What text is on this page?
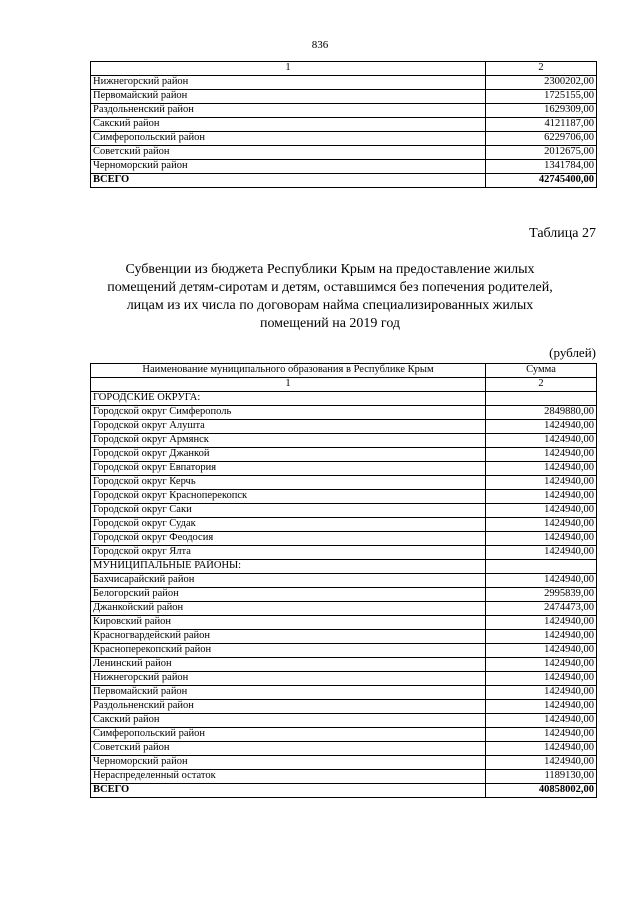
836
1	2
Нижнегорский район	2300202,00
Первомайский район	1725155,00
Раздольненский район	1629309,00
Сакский район	4121187,00
Симферопольский район	6229706,00
Советский район	2012675,00
Черноморский район	1341784,00
ВСЕГО	42745400,00
Таблица 27
Субвенции из бюджета Республики Крым на предоставление жилых помещений детям-сиротам и детям, оставшимся без попечения родителей, лицам из их числа по договорам найма специализированных жилых помещений на 2019 год
(рублей)
Наименование муниципального образования в Республике Крым	Сумма
1	2
ГОРОДСКИЕ ОКРУГА:	
Городской округ Симферополь	2849880,00
Городской округ Алушта	1424940,00
Городской округ Армянск	1424940,00
Городской округ Джанкой	1424940,00
Городской округ Евпатория	1424940,00
Городской округ Керчь	1424940,00
Городской округ Красноперекопск	1424940,00
Городской округ Саки	1424940,00
Городской округ Судак	1424940,00
Городской округ Феодосия	1424940,00
Городской округ Ялта	1424940,00
МУНИЦИПАЛЬНЫЕ РАЙОНЫ:	
Бахчисарайский район	1424940,00
Белогорский район	2995839,00
Джанкойский район	2474473,00
Кировский район	1424940,00
Красногвардейский район	1424940,00
Красноперекопский район	1424940,00
Ленинский район	1424940,00
Нижнегорский район	1424940,00
Первомайский район	1424940,00
Раздольненский район	1424940,00
Сакский район	1424940,00
Симферопольский район	1424940,00
Советский район	1424940,00
Черноморский район	1424940,00
Нераспределенный остаток	1189130,00
ВСЕГО	40858002,00
